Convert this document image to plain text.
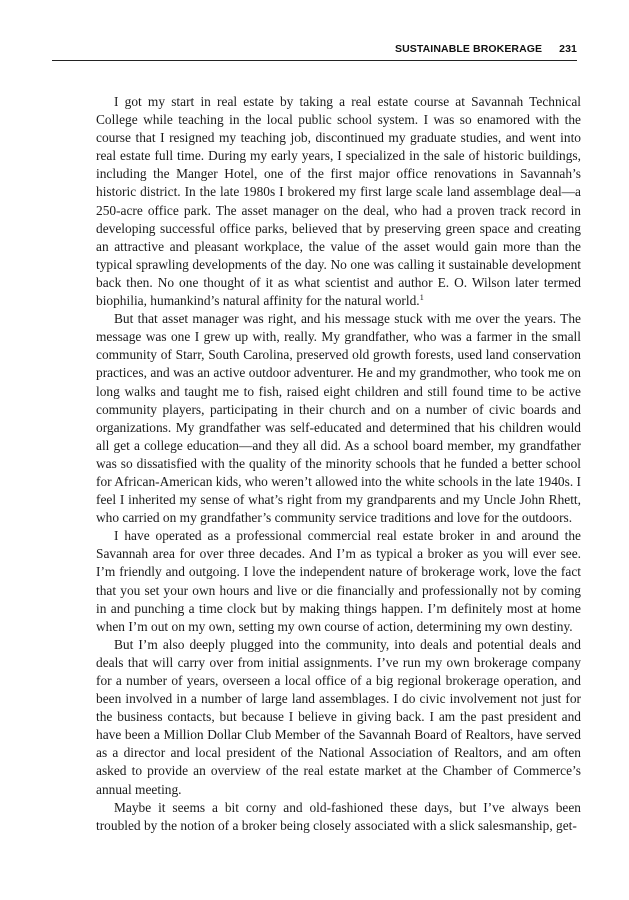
SUSTAINABLE BROKERAGE 231

I got my start in real estate by taking a real estate course at Savannah Technical College while teaching in the local public school system. I was so enamored with the course that I resigned my teaching job, discontinued my graduate studies, and went into real estate full time. During my early years, I specialized in the sale of historic buildings, including the Manger Hotel, one of the first major office renovations in Savannah’s historic district. In the late 1980s I brokered my first large scale land assemblage deal—a 250-acre office park. The asset manager on the deal, who had a proven track record in developing successful office parks, believed that by preserving green space and creating an attractive and pleasant workplace, the value of the asset would gain more than the typical sprawling developments of the day. No one was calling it sustainable development back then. No one thought of it as what scientist and author E. O. Wilson later termed biophilia, humankind’s natural affinity for the natural world.$^1$

But that asset manager was right, and his message stuck with me over the years. The message was one I grew up with, really. My grandfather, who was a farmer in the small community of Starr, South Carolina, preserved old growth forests, used land conservation practices, and was an active outdoor adventurer. He and my grandmother, who took me on long walks and taught me to fish, raised eight children and still found time to be active community players, participating in their church and on a number of civic boards and organizations. My grandfather was self-educated and determined that his children would all get a college education—and they all did. As a school board member, my grandfather was so dissatisfied with the quality of the minority schools that he funded a better school for African-American kids, who weren’t allowed into the white schools in the late 1940s. I feel I inherited my sense of what’s right from my grandparents and my Uncle John Rhett, who carried on my grandfather’s community service traditions and love for the outdoors.

I have operated as a professional commercial real estate broker in and around the Savannah area for over three decades. And I’m as typical a broker as you will ever see. I’m friendly and outgoing. I love the independent nature of brokerage work, love the fact that you set your own hours and live or die financially and professionally not by coming in and punching a time clock but by making things happen. I’m definitely most at home when I’m out on my own, setting my own course of action, determining my own destiny.

But I’m also deeply plugged into the community, into deals and potential deals and deals that will carry over from initial assignments. I’ve run my own brokerage company for a number of years, overseen a local office of a big regional brokerage operation, and been involved in a number of large land assemblages. I do civic involvement not just for the business contacts, but because I believe in giving back. I am the past president and have been a Million Dollar Club Member of the Savannah Board of Realtors, have served as a director and local president of the National Association of Realtors, and am often asked to provide an overview of the real estate market at the Chamber of Commerce’s annual meeting.

Maybe it seems a bit corny and old-fashioned these days, but I’ve always been troubled by the notion of a broker being closely associated with a slick salesmanship, get-
